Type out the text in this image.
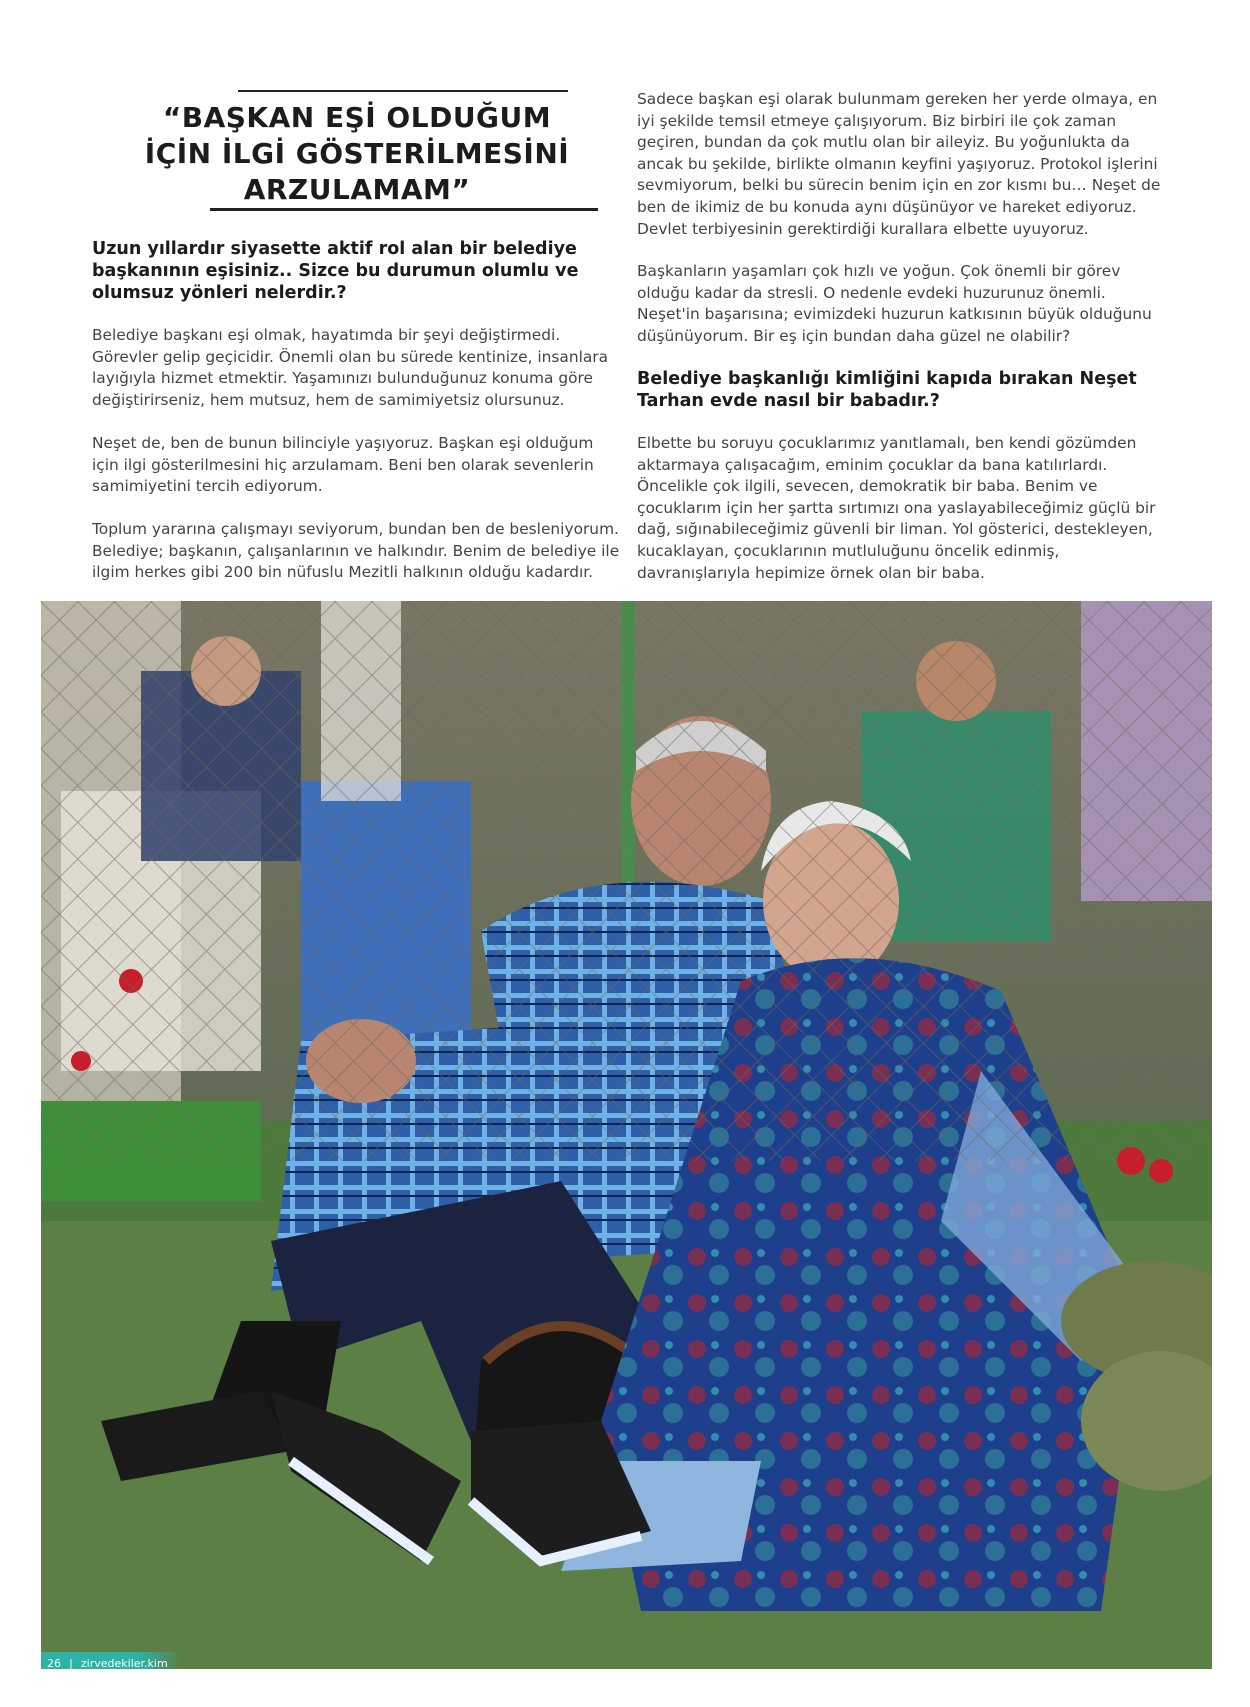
“BAŞKAN EŞİ OLDUĞUM
İÇİN İLGİ GÖSTERİLMESİNİ
ARZULAMAM”

Uzun yıllardır siyasette aktif rol alan bir belediye başkanının eşisiniz.. Sizce bu durumun olumlu ve olumsuz yönleri nelerdir.?

Belediye başkanı eşi olmak, hayatımda bir şeyi değiştirmedi. Görevler gelip geçicidir. Önemli olan bu sürede kentinize, insanlara layığıyla hizmet etmektir. Yaşamınızı bulunduğunuz konuma göre değiştirirseniz, hem mutsuz, hem de samimiyetsiz olursunuz.

Neşet de, ben de bunun bilinciyle yaşıyoruz. Başkan eşi olduğum için ilgi gösterilmesini hiç arzulamam. Beni ben olarak sevenlerin samimiyetini tercih ediyorum.

Toplum yararına çalışmayı seviyorum, bundan ben de besleniyorum. Belediye; başkanın, çalışanlarının ve halkındır. Benim de belediye ile ilgim herkes gibi 200 bin nüfuslu Mezitli halkının olduğu kadardır.

Sadece başkan eşi olarak bulunmam gereken her yerde olmaya, en iyi şekilde temsil etmeye çalışıyorum. Biz birbiri ile çok zaman geçiren, bundan da çok mutlu olan bir aileyiz. Bu yoğunlukta da ancak bu şekilde, birlikte olmanın keyfini yaşıyoruz. Protokol işlerini sevmiyorum, belki bu sürecin benim için en zor kısmı bu… Neşet de ben de ikimiz de bu konuda aynı düşünüyor ve hareket ediyoruz. Devlet terbiyesinin gerektirdiği kurallara elbette uyuyoruz.

Başkanların yaşamları çok hızlı ve yoğun. Çok önemli bir görev olduğu kadar da stresli. O nedenle evdeki huzurunuz önemli. Neşet'in başarısına; evimizdeki huzurun katkısının büyük olduğunu düşünüyorum. Bir eş için bundan daha güzel ne olabilir?

Belediye başkanlığı kimliğini kapıda bırakan Neşet Tarhan evde nasıl bir babadır.?

Elbette bu soruyu çocuklarımız yanıtlamalı, ben kendi gözümden aktarmaya çalışacağım, eminim çocuklar da bana katılırlardı. Öncelikle çok ilgili, sevecen, demokratik bir baba. Benim ve çocuklarım için her şartta sırtımızı ona yaslayabileceğimiz güçlü bir dağ, sığınabileceğimiz güvenli bir liman. Yol gösterici, destekleyen, kucaklayan, çocuklarının mutluluğunu öncelik edinmiş, davranışlarıyla hepimize örnek olan bir baba.

26 | zirvedekiler.kim
